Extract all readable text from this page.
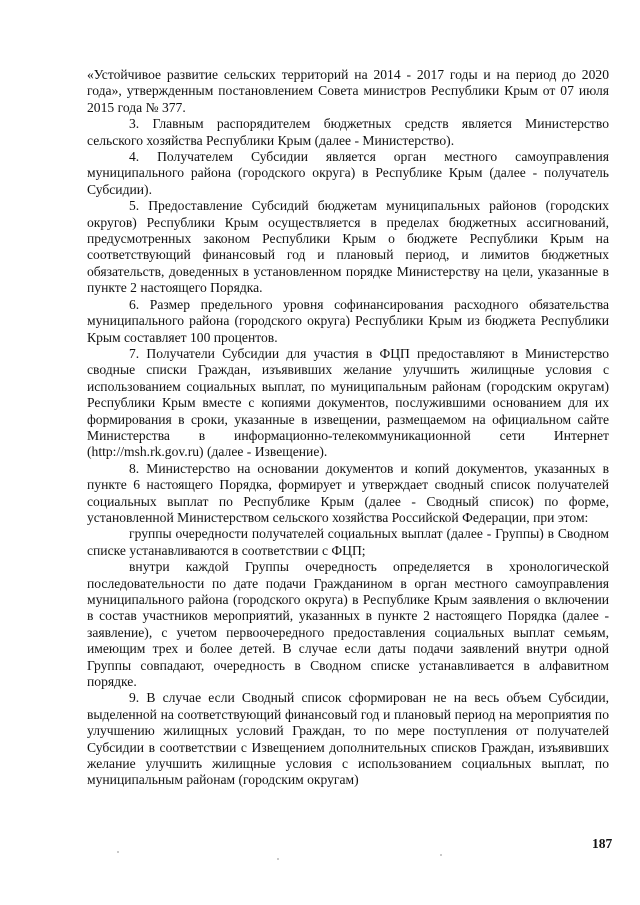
«Устойчивое развитие сельских территорий на 2014 - 2017 годы и на период до 2020 года», утвержденным постановлением Совета министров Республики Крым от 07 июля 2015 года № 377.

3. Главным распорядителем бюджетных средств является Министерство сельского хозяйства Республики Крым (далее - Министерство).

4. Получателем Субсидии является орган местного самоуправления муниципального района (городского округа) в Республике Крым (далее - получатель Субсидии).

5. Предоставление Субсидий бюджетам муниципальных районов (городских округов) Республики Крым осуществляется в пределах бюджетных ассигнований, предусмотренных законом Республики Крым о бюджете Республики Крым на соответствующий финансовый год и плановый период, и лимитов бюджетных обязательств, доведенных в установленном порядке Министерству на цели, указанные в пункте 2 настоящего Порядка.

6. Размер предельного уровня софинансирования расходного обязательства муниципального района (городского округа) Республики Крым из бюджета Республики Крым составляет 100 процентов.

7. Получатели Субсидии для участия в ФЦП предоставляют в Министерство сводные списки Граждан, изъявивших желание улучшить жилищные условия с использованием социальных выплат, по муниципальным районам (городским округам) Республики Крым вместе с копиями документов, послужившими основанием для их формирования в сроки, указанные в извещении, размещаемом на официальном сайте Министерства в информационно-телекоммуникационной сети Интернет (http://msh.rk.gov.ru) (далее - Извещение).

8. Министерство на основании документов и копий документов, указанных в пункте 6 настоящего Порядка, формирует и утверждает сводный список получателей социальных выплат по Республике Крым (далее - Сводный список) по форме, установленной Министерством сельского хозяйства Российской Федерации, при этом:

группы очередности получателей социальных выплат (далее - Группы) в Сводном списке устанавливаются в соответствии с ФЦП;

внутри каждой Группы очередность определяется в хронологической последовательности по дате подачи Гражданином в орган местного самоуправления муниципального района (городского округа) в Республике Крым заявления о включении в состав участников мероприятий, указанных в пункте 2 настоящего Порядка (далее - заявление), с учетом первоочередного предоставления социальных выплат семьям, имеющим трех и более детей. В случае если даты подачи заявлений внутри одной Группы совпадают, очередность в Сводном списке устанавливается в алфавитном порядке.

9. В случае если Сводный список сформирован не на весь объем Субсидии, выделенной на соответствующий финансовый год и плановый период на мероприятия по улучшению жилищных условий Граждан, то по мере поступления от получателей Субсидии в соответствии с Извещением дополнительных списков Граждан, изъявивших желание улучшить жилищные условия с использованием социальных выплат, по муниципальным районам (городским округам)

187
